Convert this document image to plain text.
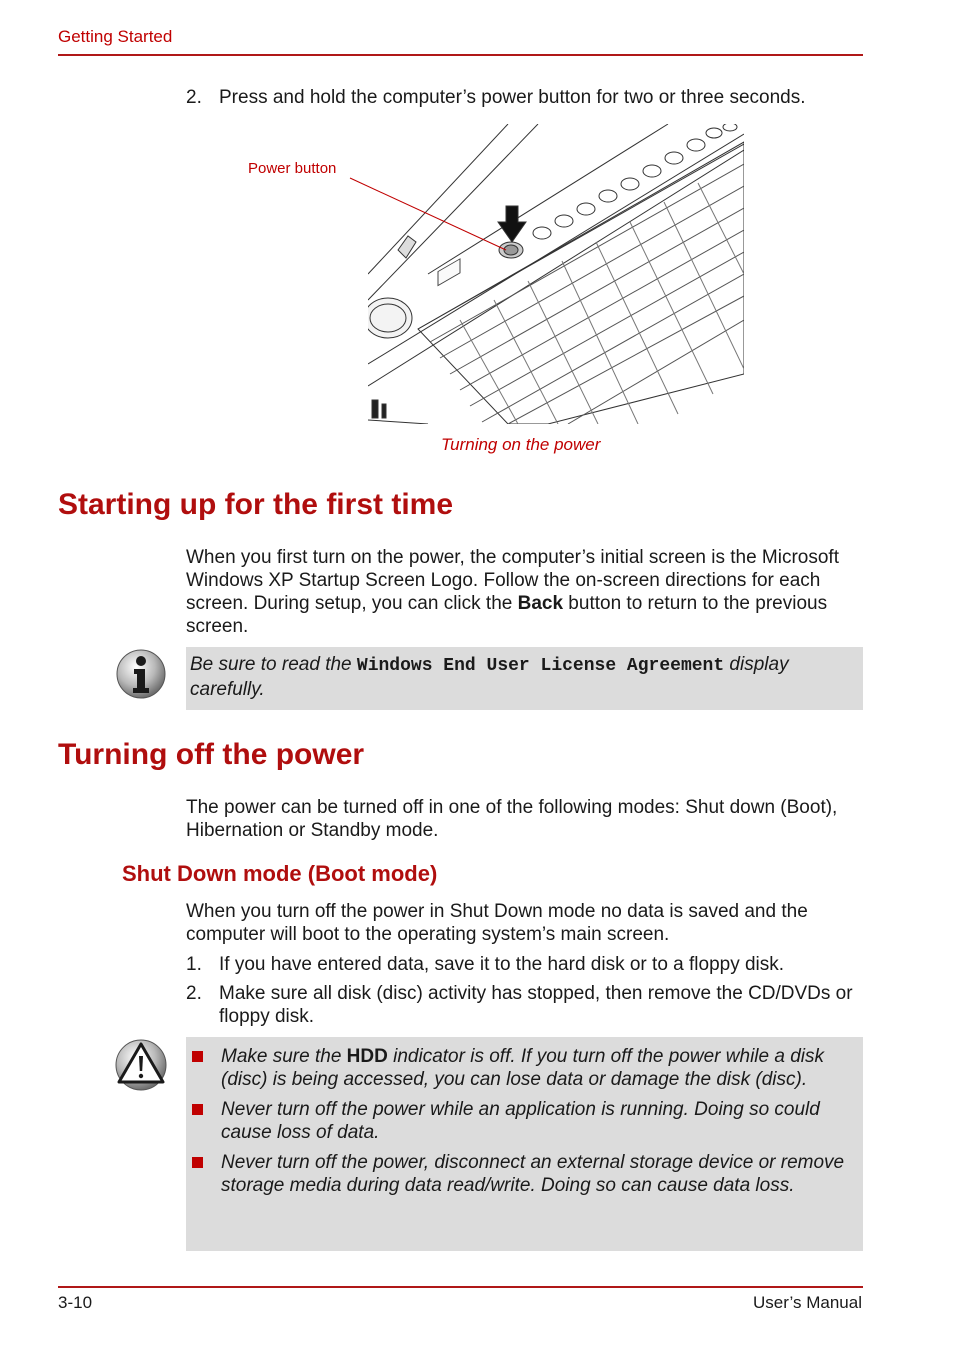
Getting Started
2. Press and hold the computer’s power button for two or three seconds.
Power button
Turning on the power
Starting up for the first time
When you first turn on the power, the computer’s initial screen is the Microsoft Windows XP Startup Screen Logo. Follow the on-screen directions for each screen. During setup, you can click the Back button to return to the previous screen.
Be sure to read the Windows End User License Agreement display carefully.
Turning off the power
The power can be turned off in one of the following modes: Shut down (Boot), Hibernation or Standby mode.
Shut Down mode (Boot mode)
When you turn off the power in Shut Down mode no data is saved and the computer will boot to the operating system’s main screen.
1. If you have entered data, save it to the hard disk or to a floppy disk.
2. Make sure all disk (disc) activity has stopped, then remove the CD/DVDs or floppy disk.
Make sure the HDD indicator is off. If you turn off the power while a disk (disc) is being accessed, you can lose data or damage the disk (disc).
Never turn off the power while an application is running. Doing so could cause loss of data.
Never turn off the power, disconnect an external storage device or remove storage media during data read/write. Doing so can cause data loss.
3-10	User’s Manual
